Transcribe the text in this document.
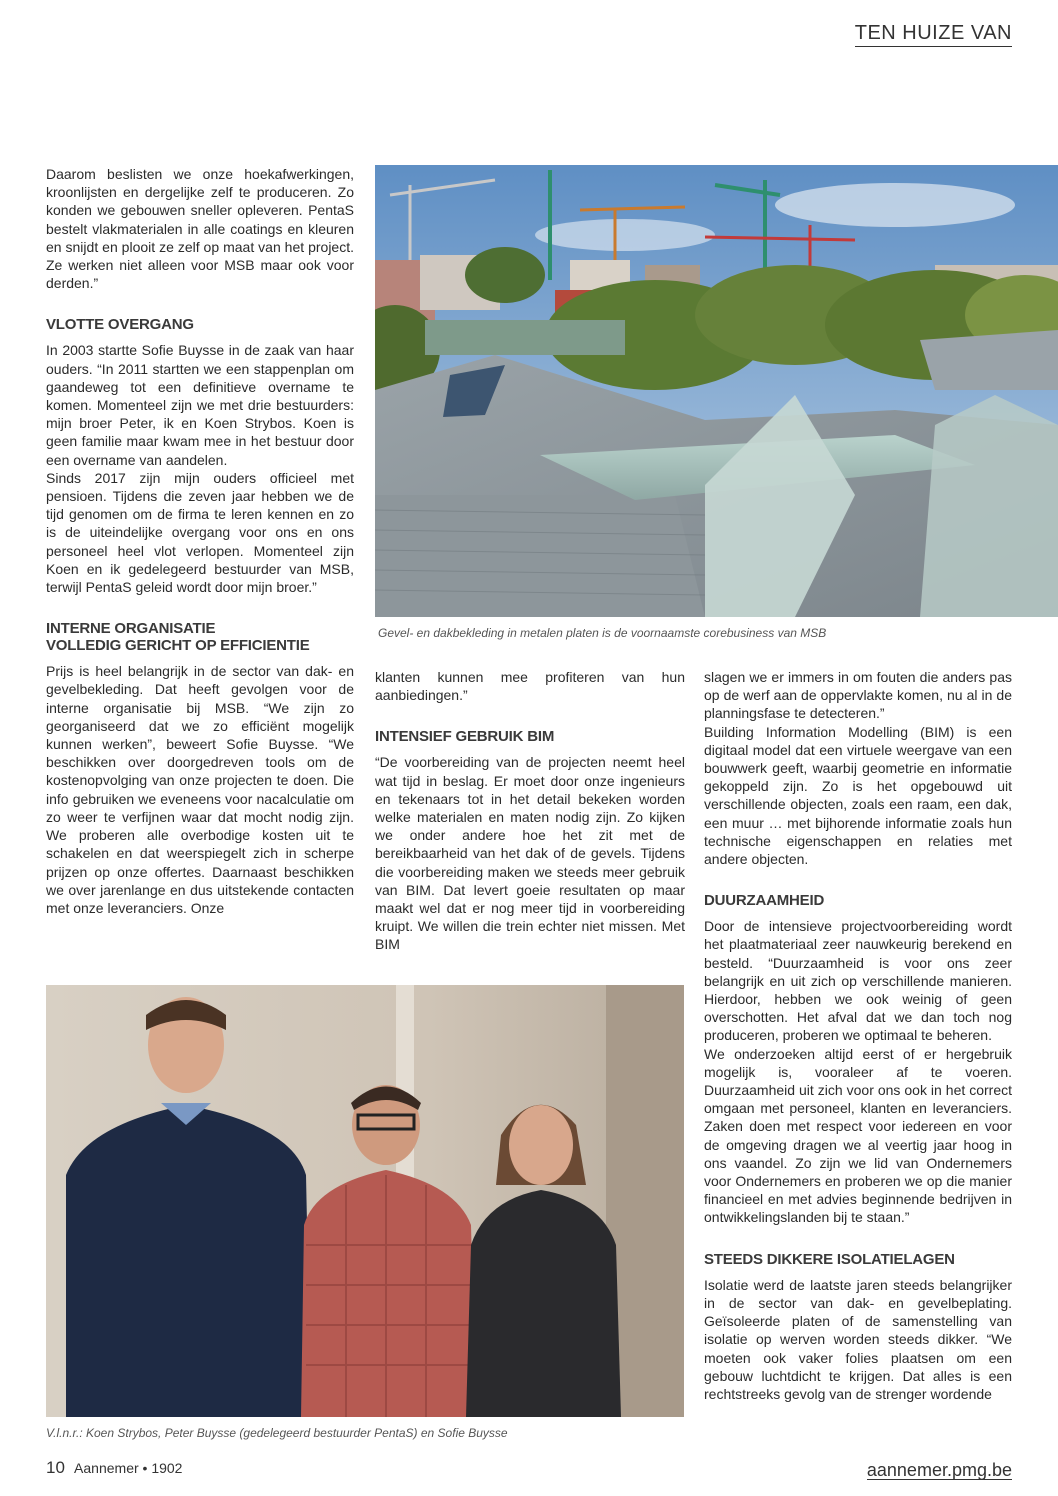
TEN HUIZE VAN
Gevel- en dakbekleding in metalen platen is de voornaamste corebusiness van MSB

Daarom beslisten we onze hoekafwerkingen, kroonlijsten en dergelijke zelf te produceren. Zo konden we gebouwen sneller opleveren. PentaS bestelt vlakmaterialen in alle coatings en kleuren en snijdt en plooit ze zelf op maat van het project. Ze werken niet alleen voor MSB maar ook voor derden.”

VLOTTE OVERGANG

In 2003 startte Sofie Buysse in de zaak van haar ouders. “In 2011 startten we een stappenplan om gaandeweg tot een definitieve overname te komen. Momenteel zijn we met drie bestuurders: mijn broer Peter, ik en Koen Strybos. Koen is geen familie maar kwam mee in het bestuur door een overname van aandelen.

Sinds 2017 zijn mijn ouders officieel met pensioen. Tijdens die zeven jaar hebben we de tijd genomen om de firma te leren kennen en zo is de uiteindelijke overgang voor ons en ons personeel heel vlot verlopen. Momenteel zijn Koen en ik gedelegeerd bestuurder van MSB, terwijl PentaS geleid wordt door mijn broer.”

INTERNE ORGANISATIE
VOLLEDIG GERICHT OP EFFICIENTIE

Prijs is heel belangrijk in de sector van dak- en gevelbekleding. Dat heeft gevolgen voor de interne organisatie bij MSB. “We zijn zo georganiseerd dat we zo efficiënt mogelijk kunnen werken”, beweert Sofie Buysse. “We beschikken over doorgedreven tools om de kostenopvolging van onze projecten te doen. Die info gebruiken we eveneens voor nacalculatie om zo weer te verfijnen waar dat mocht nodig zijn. We proberen alle overbodige kosten uit te schakelen en dat weerspiegelt zich in scherpe prijzen op onze offertes. Daarnaast beschikken we over jarenlange en dus uitstekende contacten met onze leveranciers. Onze

klanten kunnen mee profiteren van hun aanbiedingen.”

INTENSIEF GEBRUIK BIM

“De voorbereiding van de projecten neemt heel wat tijd in beslag. Er moet door onze ingenieurs en tekenaars tot in het detail bekeken worden welke materialen en maten nodig zijn. Zo kijken we onder andere hoe het zit met de bereikbaarheid van het dak of de gevels. Tijdens die voorbereiding maken we steeds meer gebruik van BIM. Dat levert goeie resultaten op maar maakt wel dat er nog meer tijd in voorbereiding kruipt. We willen die trein echter niet missen. Met BIM

slagen we er immers in om fouten die anders pas op de werf aan de oppervlakte komen, nu al in de planningsfase te detecteren.”

Building Information Modelling (BIM) is een digitaal model dat een virtuele weergave van een bouwwerk geeft, waarbij geometrie en informatie gekoppeld zijn. Zo is het opgebouwd uit verschillende objecten, zoals een raam, een dak, een muur … met bijhorende informatie zoals hun technische eigenschappen en relaties met andere objecten.

DUURZAAMHEID

Door de intensieve projectvoorbereiding wordt het plaatmateriaal zeer nauwkeurig berekend en besteld. “Duurzaamheid is voor ons zeer belangrijk en uit zich op verschillende manieren. Hierdoor, hebben we ook weinig of geen overschotten. Het afval dat we dan toch nog produceren, proberen we optimaal te beheren.

We onderzoeken altijd eerst of er hergebruik mogelijk is, vooraleer af te voeren. Duurzaamheid uit zich voor ons ook in het correct omgaan met personeel, klanten en leveranciers. Zaken doen met respect voor iedereen en voor de omgeving dragen we al veertig jaar hoog in ons vaandel. Zo zijn we lid van Ondernemers voor Ondernemers en proberen we op die manier financieel en met advies beginnende bedrijven in ontwikkelingslanden bij te staan.”

STEEDS DIKKERE ISOLATIELAGEN

Isolatie werd de laatste jaren steeds belangrijker in de sector van dak- en gevelbeplating. Geïsoleerde platen of de samenstelling van isolatie op werven worden steeds dikker. “We moeten ook vaker folies plaatsen om een gebouw luchtdicht te krijgen. Dat alles is een rechtstreeks gevolg van de strenger wordende

V.l.n.r.: Koen Strybos, Peter Buysse (gedelegeerd bestuurder PentaS) en Sofie Buysse
10 Aannemer • 1902	aannemer.pmg.be
